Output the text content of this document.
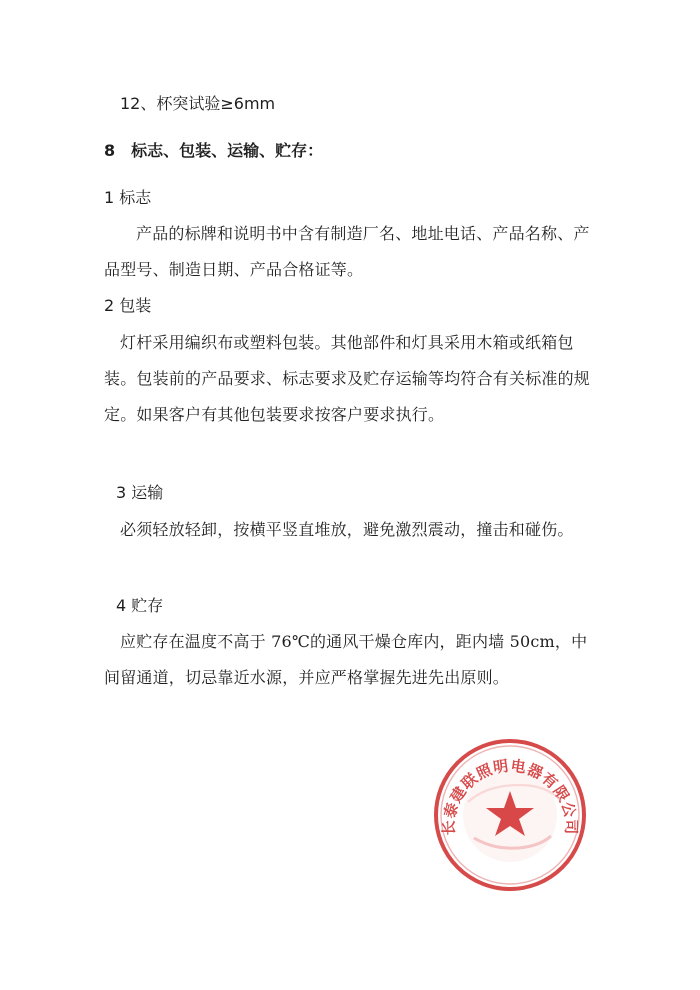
12、杯突试验≥6mm
8　标志、包装、运输、贮存：
1 标志
产品的标牌和说明书中含有制造厂名、地址电话、产品名称、产
品型号、制造日期、产品合格证等。
2 包装
灯杆采用编织布或塑料包装。其他部件和灯具采用木箱或纸箱包
装。包装前的产品要求、标志要求及贮存运输等均符合有关标准的规
定。如果客户有其他包装要求按客户要求执行。
3 运输
必须轻放轻卸，按横平竖直堆放，避免激烈震动，撞击和碰伤。
4 贮存
应贮存在温度不高于 76℃的通风干燥仓库内，距内墙 50cm，中
间留通道，切忌靠近水源，并应严格掌握先进先出原则。
长泰建联照明电器有限公司
